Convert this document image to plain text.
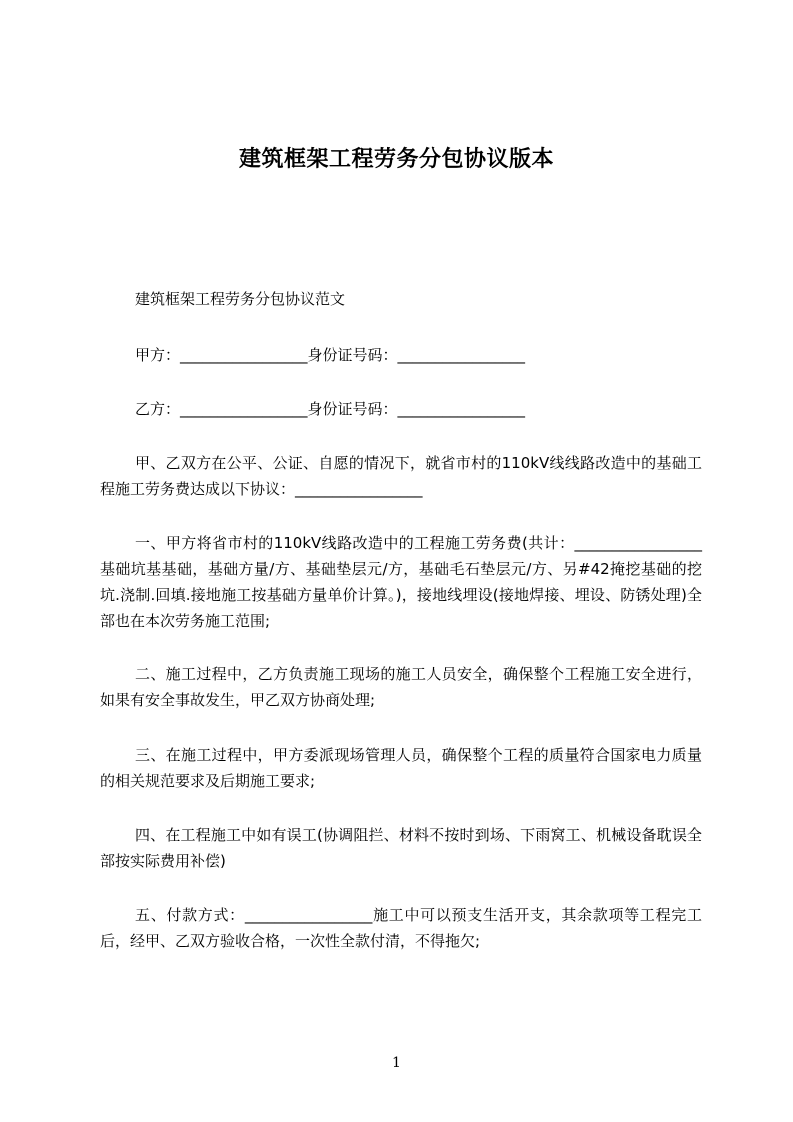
建筑框架工程劳务分包协议版本

建筑框架工程劳务分包协议范文

甲方：_________________身份证号码：_________________

乙方：_________________身份证号码：_________________

甲、乙双方在公平、公证、自愿的情况下，就省市村的110kV线线路改造中的基础工程施工劳务费达成以下协议：_________________

一、甲方将省市村的110kV线路改造中的工程施工劳务费(共计：_________________基础坑基基础，基础方量/方、基础垫层元/方，基础毛石垫层元/方、另#42掩挖基础的挖坑.浇制.回填.接地施工按基础方量单价计算。)，接地线埋设(接地焊接、埋设、防锈处理)全部也在本次劳务施工范围;

二、施工过程中，乙方负责施工现场的施工人员安全，确保整个工程施工安全进行，如果有安全事故发生，甲乙双方协商处理;

三、在施工过程中，甲方委派现场管理人员，确保整个工程的质量符合国家电力质量的相关规范要求及后期施工要求;

四、在工程施工中如有误工(协调阻拦、材料不按时到场、下雨窝工、机械设备耽误全部按实际费用补偿)

五、付款方式：_________________施工中可以预支生活开支，其余款项等工程完工后，经甲、乙双方验收合格，一次性全款付清，不得拖欠;

1
